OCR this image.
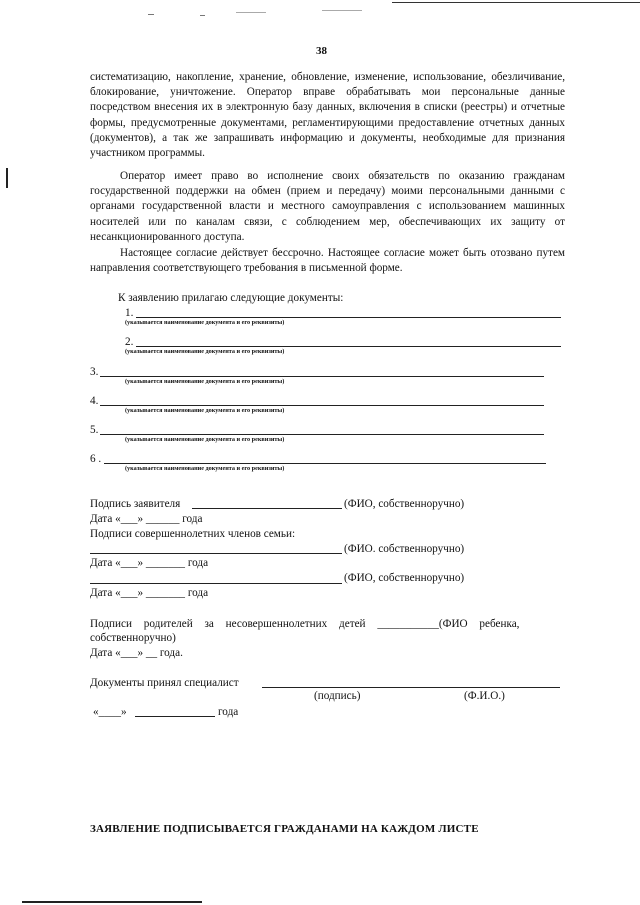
38
систематизацию, накопление, хранение, обновление, изменение, использование, обезличивание, блокирование, уничтожение. Оператор вправе обрабатывать мои персональные данные посредством внесения их в электронную базу данных, включения в списки (реестры) и отчетные формы, предусмотренные документами, регламентирующими предоставление отчетных данных (документов), а так же запрашивать информацию и документы, необходимые для признания участником программы.
Оператор имеет право во исполнение своих обязательств по оказанию гражданам государственной поддержки на обмен (прием и передачу) моими персональными данными с органами государственной власти и местного самоуправления с использованием машинных носителей или по каналам связи, с соблюдением мер, обеспечивающих их защиту от несанкционированного доступа.
Настоящее согласие действует бессрочно. Настоящее согласие может быть отозвано путем направления соответствующего требования в письменной форме.
К заявлению прилагаю следующие документы:
1.
(указывается наименование документа и его реквизиты)
2.
(указывается наименование документа и его реквизиты)
3.
(указывается наименование документа и его реквизиты)
4.
(указывается наименование документа и его реквизиты)
5.
(указывается наименование документа и его реквизиты)
6 .
(указывается наименование документа и его реквизиты)
Подпись заявителя	(ФИО, собственноручно)
Дата «___» ______ года
Подписи совершеннолетних членов семьи:
(ФИО. собственноручно)
Дата «___» _______ года
(ФИО, собственноручно)
Дата «___» _______ года
Подписи родителей за несовершеннолетних детей ___________(ФИО ребенка,
собственноручно)
Дата «___» __ года.
Документы принял специалист
(подпись)	(Ф.И.О.)
«____»	года
ЗАЯВЛЕНИЕ ПОДПИСЫВАЕТСЯ ГРАЖДАНАМИ НА КАЖДОМ ЛИСТЕ
